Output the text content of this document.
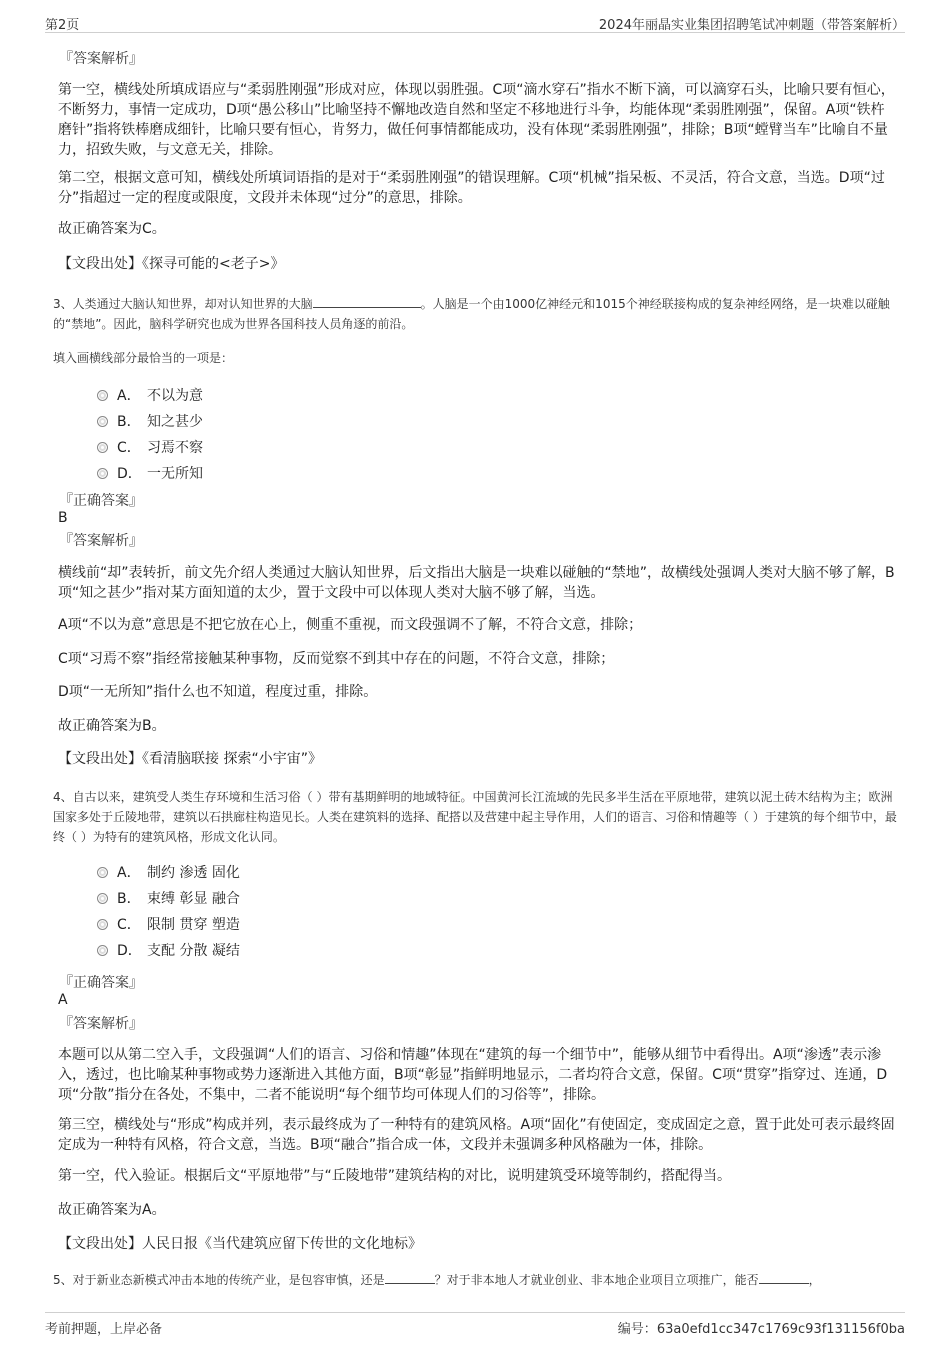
第2页	2024年丽晶实业集团招聘笔试冲刺题（带答案解析）
『答案解析』
第一空，横线处所填成语应与“柔弱胜刚强”形成对应，体现以弱胜强。C项“滴水穿石”指水不断下滴，可以滴穿石头，比喻只要有恒心，不断努力，事情一定成功，D项“愚公移山”比喻坚持不懈地改造自然和坚定不移地进行斗争，均能体现“柔弱胜刚强”，保留。A项“铁杵磨针”指将铁棒磨成细针，比喻只要有恒心，肯努力，做任何事情都能成功，没有体现“柔弱胜刚强”，排除；B项“螳臂当车”比喻自不量力，招致失败，与文意无关，排除。
第二空，根据文意可知，横线处所填词语指的是对于“柔弱胜刚强”的错误理解。C项“机械”指呆板、不灵活，符合文意，当选。D项“过分”指超过一定的程度或限度，文段并未体现“过分”的意思，排除。
故正确答案为C。
【文段出处】《探寻可能的<老子>》
3、人类通过大脑认知世界，却对认知世界的大脑	。人脑是一个由1000亿神经元和1015个神经联接构成的复杂神经网络，是一块难以碰触的“禁地”。因此，脑科学研究也成为世界各国科技人员角逐的前沿。
填入画横线部分最恰当的一项是：
A． 不以为意
B． 知之甚少
C． 习焉不察
D． 一无所知
『正确答案』
B
『答案解析』
横线前“却”表转折，前文先介绍人类通过大脑认知世界，后文指出大脑是一块难以碰触的“禁地”，故横线处强调人类对大脑不够了解，B项“知之甚少”指对某方面知道的太少，置于文段中可以体现人类对大脑不够了解，当选。
A项“不以为意”意思是不把它放在心上，侧重不重视，而文段强调不了解，不符合文意，排除；
C项“习焉不察”指经常接触某种事物，反而觉察不到其中存在的问题，不符合文意，排除；
D项“一无所知”指什么也不知道，程度过重，排除。
故正确答案为B。
【文段出处】《看清脑联接 探索“小宇宙”》
4、自古以来，建筑受人类生存环境和生活习俗（ ）带有基期鲜明的地域特征。中国黄河长江流域的先民多半生活在平原地带，建筑以泥土砖木结构为主；欧洲国家多处于丘陵地带，建筑以石拱廊柱构造见长。人类在建筑料的选择、配搭以及营建中起主导作用，人们的语言、习俗和情趣等（ ）于建筑的每个细节中，最终（ ）为特有的建筑风格，形成文化认同。
A． 制约 渗透 固化
B． 束缚 彰显 融合
C． 限制 贯穿 塑造
D． 支配 分散 凝结
『正确答案』
A
『答案解析』
本题可以从第二空入手，文段强调“人们的语言、习俗和情趣”体现在“建筑的每一个细节中”，能够从细节中看得出。A项“渗透”表示渗入，透过，也比喻某种事物或势力逐渐进入其他方面，B项“彰显”指鲜明地显示，二者均符合文意，保留。C项“贯穿”指穿过、连通，D项“分散”指分在各处，不集中，二者不能说明“每个细节均可体现人们的习俗等”，排除。
第三空，横线处与“形成”构成并列，表示最终成为了一种特有的建筑风格。A项“固化”有使固定，变成固定之意，置于此处可表示最终固定成为一种特有风格，符合文意，当选。B项“融合”指合成一体，文段并未强调多种风格融为一体，排除。
第一空，代入验证。根据后文“平原地带”与“丘陵地带”建筑结构的对比，说明建筑受环境等制约，搭配得当。
故正确答案为A。
【文段出处】人民日报《当代建筑应留下传世的文化地标》
5、对于新业态新模式冲击本地的传统产业，是包容审慎，还是	？对于非本地人才就业创业、非本地企业项目立项推广，能否	，
考前押题，上岸必备	编号：63a0efd1cc347c1769c93f131156f0ba
